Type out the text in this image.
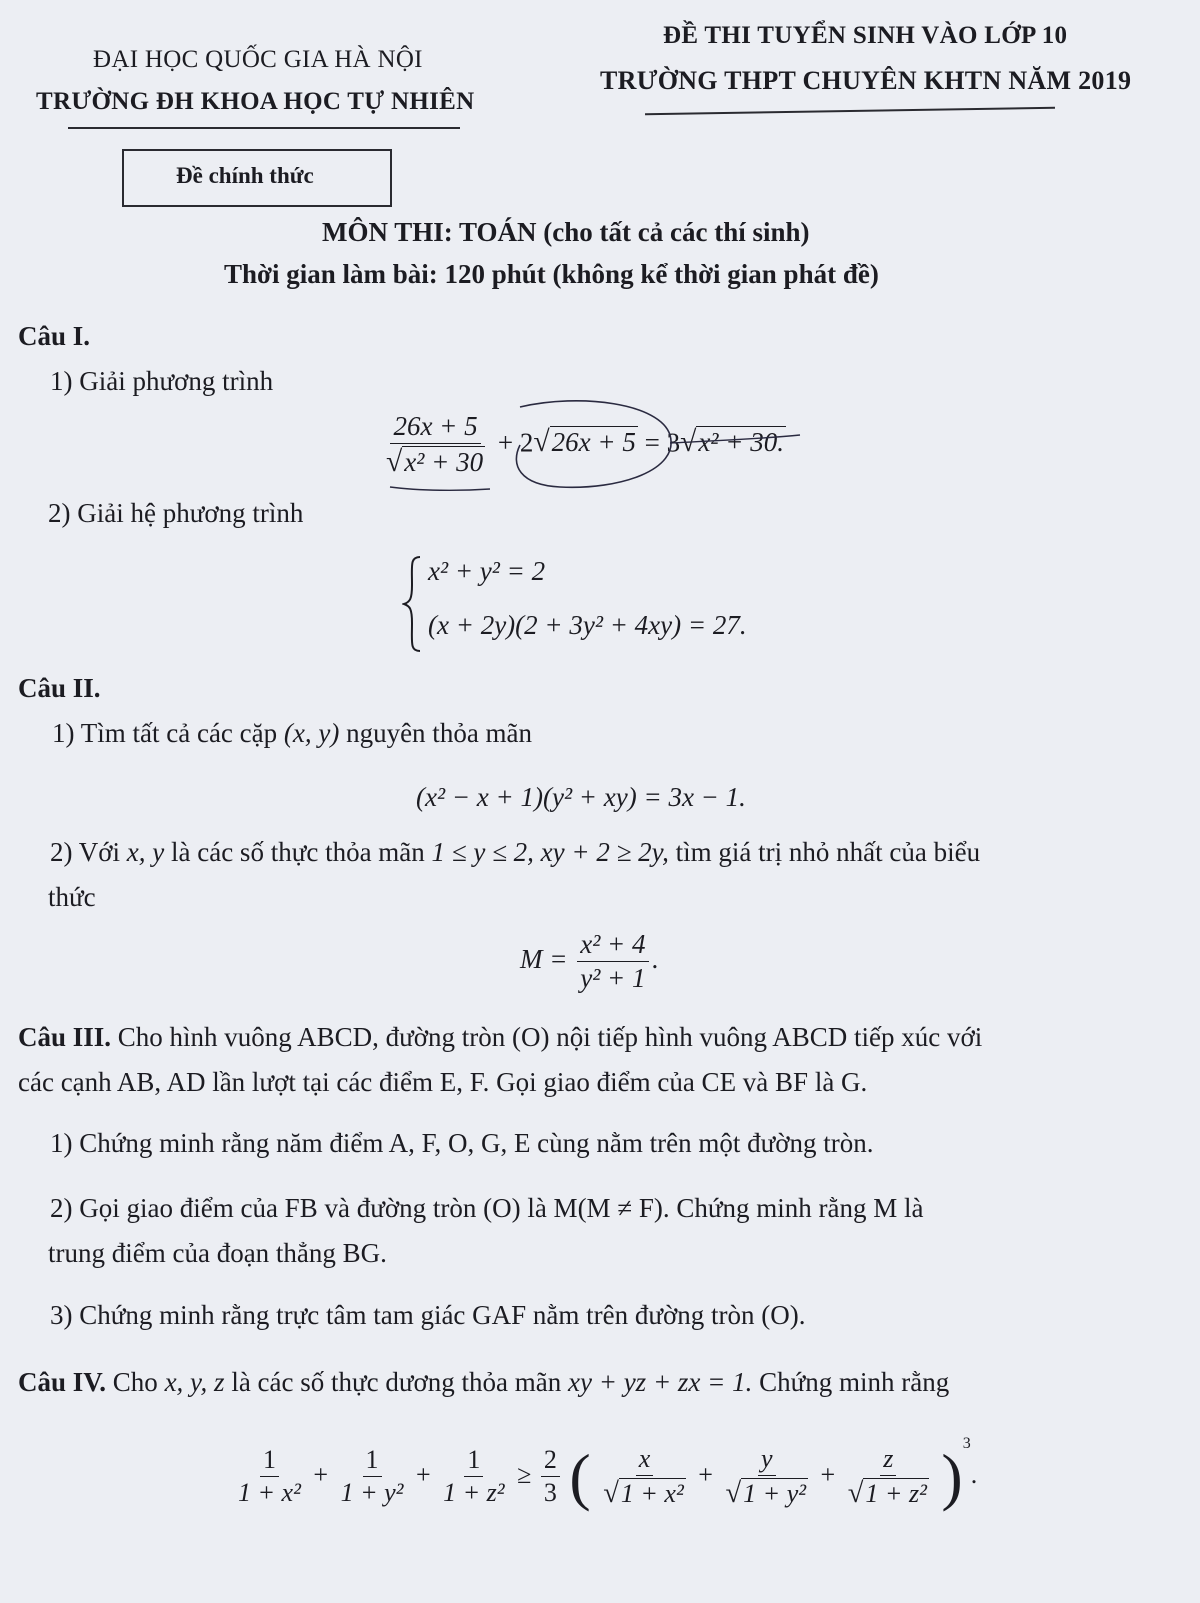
ĐẠI HỌC QUỐC GIA HÀ NỘI
TRƯỜNG ĐH KHOA HỌC TỰ NHIÊN
ĐỀ THI TUYỂN SINH VÀO LỚP 10
TRƯỜNG THPT CHUYÊN KHTN NĂM 2019
Đề chính thức
MÔN THI: TOÁN (cho tất cả các thí sinh)
Thời gian làm bài: 120 phút (không kể thời gian phát đề)
Câu I.
1) Giải phương trình
$\frac{26x + 5}{\text{√x² + 30}} + 2√26x + 5 = 3√x^2 + 30$.
2) Giải hệ phương trình
x² + y² = 2
(x + 2y)(2 + 3y² + 4xy) = 27.
Câu II.
1) Tìm tất cả các cặp (x, y) nguyên thỏa mãn
(x² − x + 1)(y² + xy) = 3x − 1.
2) Với x, y là các số thực thỏa mãn 1 ≤ y ≤ 2, xy + 2 ≥ 2y, tìm giá trị nhỏ nhất của biểu
thức
$M = \frac{\text{x² + 4}}{\text{y² + 1}}$ .
Câu III. Cho hình vuông ABCD, đường tròn (O) nội tiếp hình vuông ABCD tiếp xúc với
các cạnh AB, AD lần lượt tại các điểm E, F. Gọi giao điểm của CE và BF là G.
1) Chứng minh rằng năm điểm A, F, O, G, E cùng nằm trên một đường tròn.
2) Gọi giao điểm của FB và đường tròn (O) là M(M ≠ F). Chứng minh rằng M là
trung điểm của đoạn thẳng BG.
3) Chứng minh rằng trực tâm tam giác GAF nằm trên đường tròn (O).
Câu IV. Cho x, y, z là các số thực dương thỏa mãn xy + yz + zx = 1. Chứng minh rằng
$\frac{1}{\text{1 + x²}} + \frac{1}{\text{1 + y²}} + \frac{1}{\text{1 + z²}} \ge \frac{2}{3}$ ( $\frac{x}{\text{√1 + x²}} + \frac{y}{\text{√1 + y²}} + \frac{z}{\text{√1 + z²}} )^3$.
